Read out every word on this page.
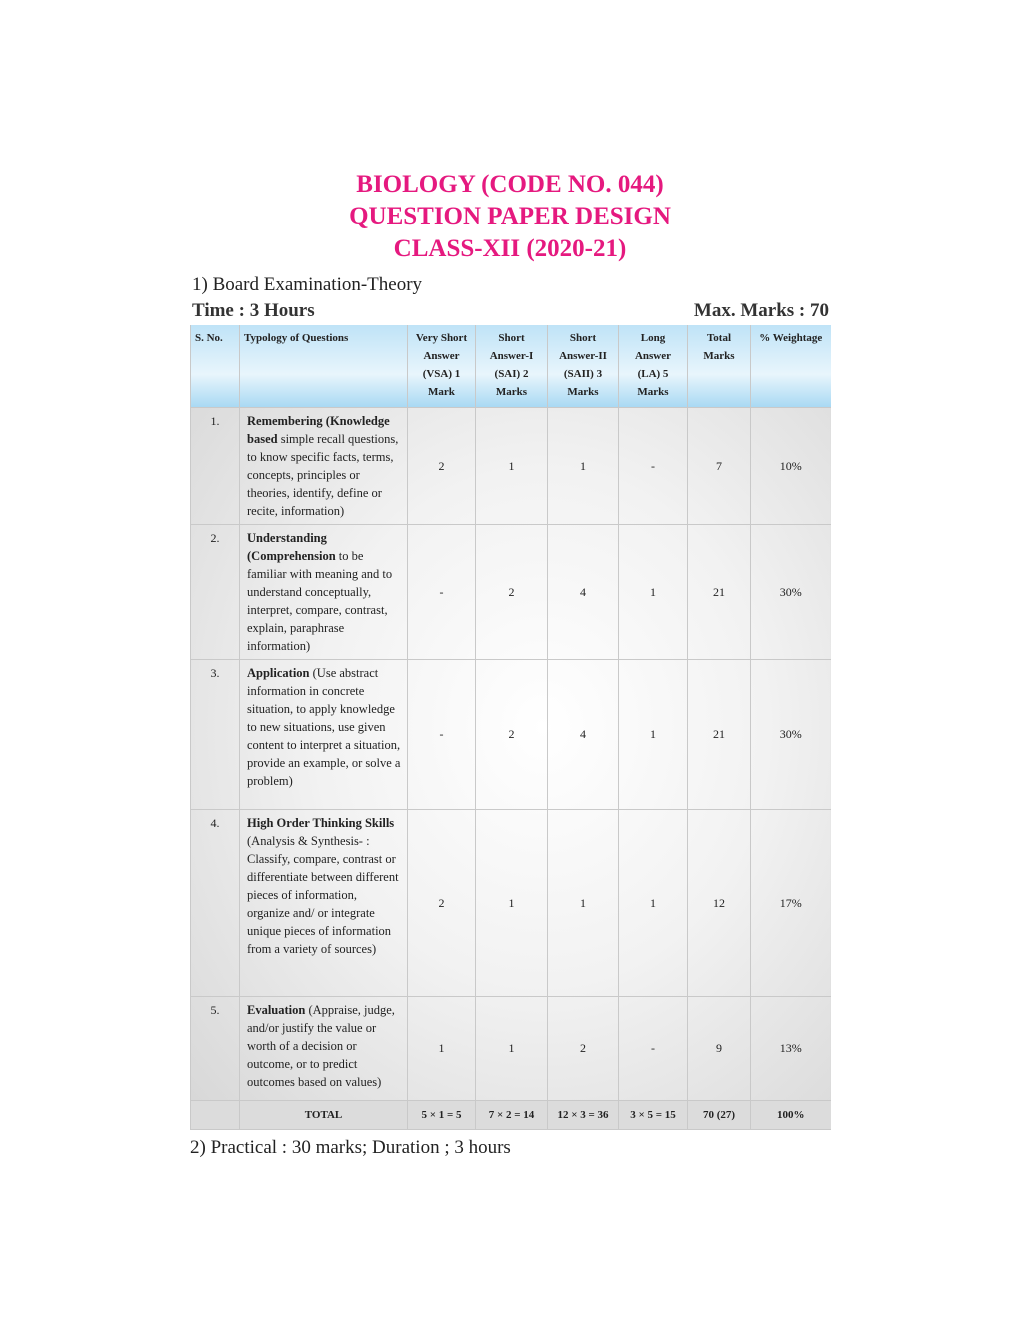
BIOLOGY (CODE NO. 044)
QUESTION PAPER DESIGN
CLASS-XII (2020-21)
1) Board Examination-Theory
Time : 3 Hours	Max. Marks : 70
S. No.	Typology of Questions	Very Short Answer (VSA) 1 Mark	Short Answer-I (SAI) 2 Marks	Short Answer-II (SAII) 3 Marks	Long Answer (LA) 5 Marks	Total Marks	% Weightage
1.	Remembering (Knowledge based simple recall questions, to know specific facts, terms, concepts, principles or theories, identify, define or recite, information)	2	1	1	-	7	10%
2.	Understanding (Comprehension to be familiar with meaning and to understand conceptually, interpret, compare, contrast, explain, paraphrase information)	-	2	4	1	21	30%
3.	Application (Use abstract information in concrete situation, to apply knowledge to new situations, use given content to interpret a situation, provide an example, or solve a problem)	-	2	4	1	21	30%
4.	High Order Thinking Skills (Analysis & Synthesis- : Classify, compare, contrast or differentiate between different pieces of information, organize and/ or integrate unique pieces of information from a variety of sources)	2	1	1	1	12	17%
5.	Evaluation (Appraise, judge, and/or justify the value or worth of a decision or outcome, or to predict outcomes based on values)	1	1	2	-	9	13%
	TOTAL	5 × 1 = 5	7 × 2 = 14	12 × 3 = 36	3 × 5 = 15	70 (27)	100%
2) Practical : 30 marks; Duration ; 3 hours
